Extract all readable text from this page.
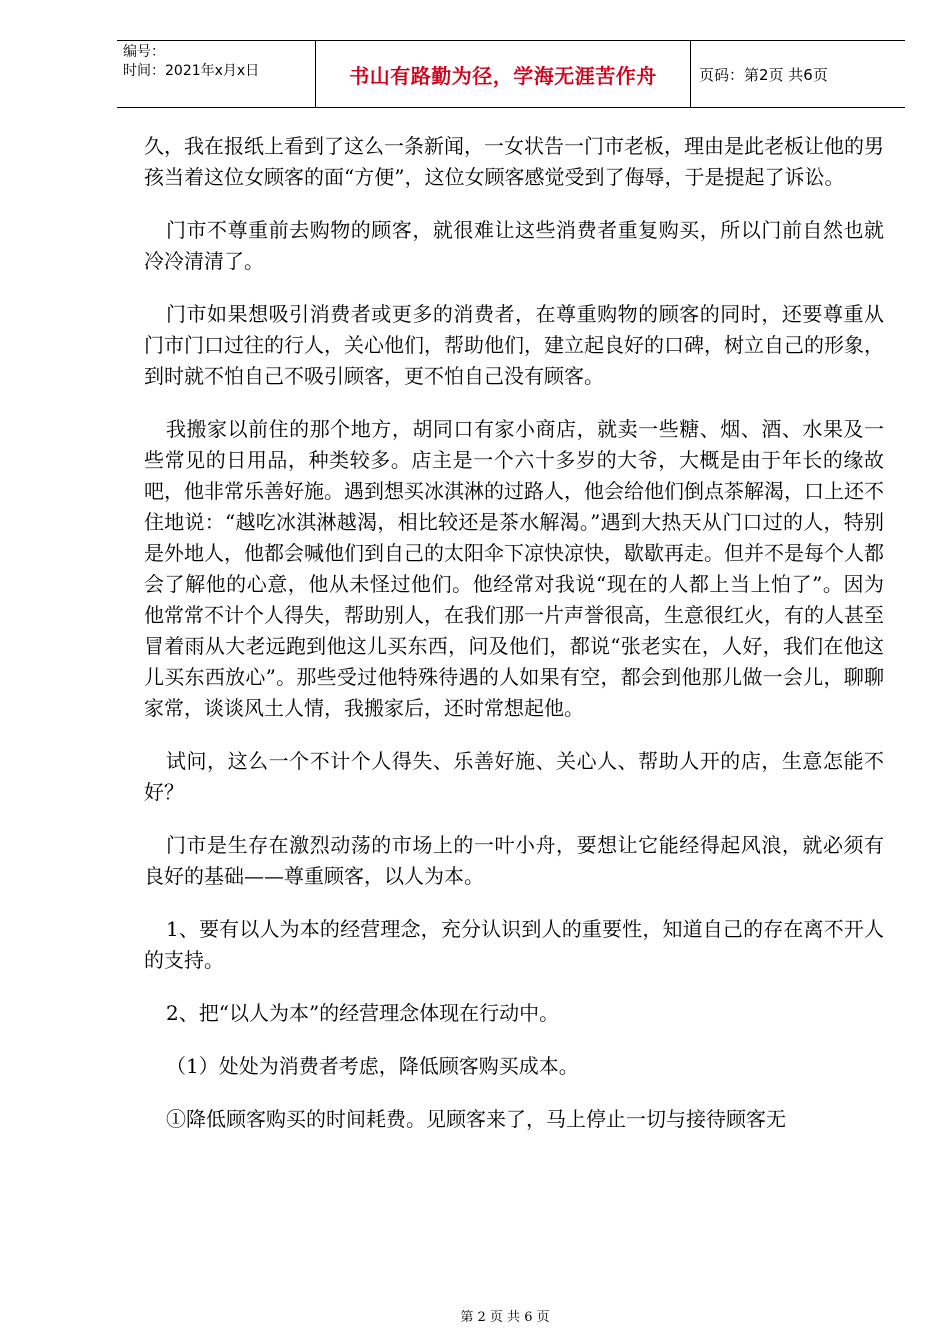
编号：
时间：2021年x月x日	书山有路勤为径，学海无涯苦作舟	页码：第2页 共6页

久，我在报纸上看到了这么一条新闻，一女状告一门市老板，理由是此老板让他的男孩当着这位女顾客的面“方便”，这位女顾客感觉受到了侮辱，于是提起了诉讼。

门市不尊重前去购物的顾客，就很难让这些消费者重复购买，所以门前自然也就冷冷清清了。

门市如果想吸引消费者或更多的消费者，在尊重购物的顾客的同时，还要尊重从门市门口过往的行人，关心他们，帮助他们，建立起良好的口碑，树立自己的形象，到时就不怕自己不吸引顾客，更不怕自己没有顾客。

我搬家以前住的那个地方，胡同口有家小商店，就卖一些糖、烟、酒、水果及一些常见的日用品，种类较多。店主是一个六十多岁的大爷，大概是由于年长的缘故吧，他非常乐善好施。遇到想买冰淇淋的过路人，他会给他们倒点茶解渴，口上还不住地说：“越吃冰淇淋越渴，相比较还是茶水解渴。”遇到大热天从门口过的人，特别是外地人，他都会喊他们到自己的太阳伞下凉快凉快，歇歇再走。但并不是每个人都会了解他的心意，他从未怪过他们。他经常对我说“现在的人都上当上怕了”。因为他常常不计个人得失，帮助别人，在我们那一片声誉很高，生意很红火，有的人甚至冒着雨从大老远跑到他这儿买东西，问及他们，都说“张老实在，人好，我们在他这儿买东西放心”。那些受过他特殊待遇的人如果有空，都会到他那儿做一会儿，聊聊家常，谈谈风土人情，我搬家后，还时常想起他。

试问，这么一个不计个人得失、乐善好施、关心人、帮助人开的店，生意怎能不好？

门市是生存在激烈动荡的市场上的一叶小舟，要想让它能经得起风浪，就必须有良好的基础——尊重顾客，以人为本。

1、要有以人为本的经营理念，充分认识到人的重要性，知道自己的存在离不开人的支持。

2、把“以人为本”的经营理念体现在行动中。

（1）处处为消费者考虑，降低顾客购买成本。

①降低顾客购买的时间耗费。见顾客来了，马上停止一切与接待顾客无

第 2 页 共 6 页
